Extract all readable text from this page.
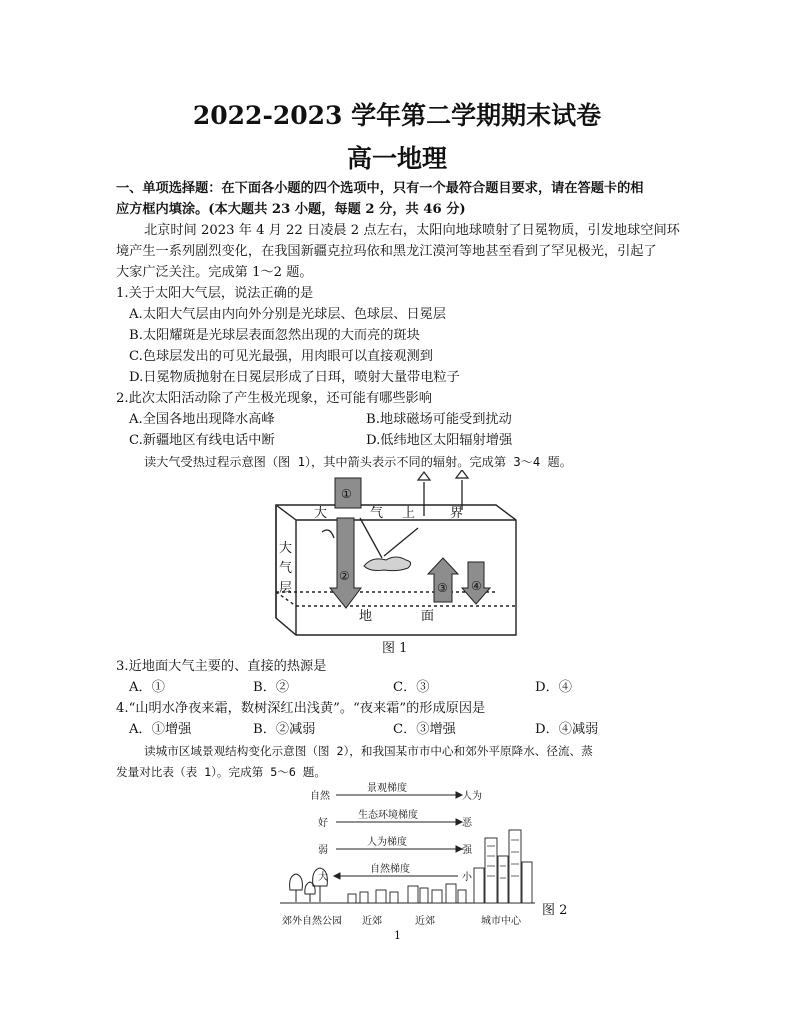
2022-2023 学年第二学期期末试卷
高一地理
一、单项选择题：在下面各小题的四个选项中，只有一个最符合题目要求，请在答题卡的相
应方框内填涂。(本大题共 23 小题，每题 2 分，共 46 分)
北京时间 2023 年 4 月 22 日凌晨 2 点左右，太阳向地球喷射了日冕物质，引发地球空间环
境产生一系列剧烈变化，在我国新疆克拉玛依和黑龙江漠河等地甚至看到了罕见极光，引起了
大家广泛关注。完成第 1～2 题。
1.关于太阳大气层，说法正确的是
A.太阳大气层由内向外分别是光球层、色球层、日冕层
B.太阳耀斑是光球层表面忽然出现的大而亮的斑块
C.色球层发出的可见光最强，用肉眼可以直接观测到
D.日冕物质抛射在日冕层形成了日珥，喷射大量带电粒子
2.此次太阳活动除了产生极光现象，还可能有哪些影响
A.全国各地出现降水高峰	B.地球磁场可能受到扰动
C.新疆地区有线电话中断	D.低纬地区太阳辐射增强
读大气受热过程示意图（图 1），其中箭头表示不同的辐射。完成第 3～4 题。
①
②
③ ④
大	气 上	界
大
气
层
地	面
图 1
3.近地面大气主要的、直接的热源是
A．①	B．②	C．③	D．④
4.“山明水净夜来霜，数树深红出浅黄”。“夜来霜”的形成原因是
A．①增强	B．②减弱	C．③增强	D．④减弱
读城市区域景观结构变化示意图（图 2），和我国某市市中心和郊外平原降水、径流、蒸
发量对比表（表 1）。完成第 5～6 题。
自然
景观梯度
人为
好
生态环境梯度
恶
弱
人为梯度
强
大
自然梯度
小
郊外自然公园 近郊	近郊	城市中心
图 2
1
